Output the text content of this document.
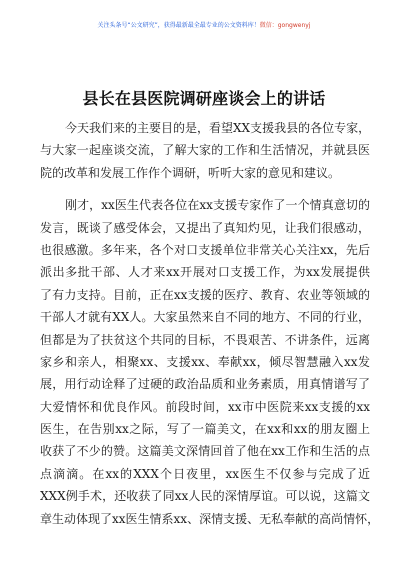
关注头条号“公文研究”，获得最新最全最专业的公文资料库！微信：gongwenyj
县长在县医院调研座谈会上的讲话
今天我们来的主要目的是，看望XX支援我县的各位专家，
与大家一起座谈交流，了解大家的工作和生活情况，并就县医
院的改革和发展工作作个调研，听听大家的意见和建议。
刚才，xx医生代表各位在xx支援专家作了一个情真意切的
发言，既谈了感受体会，又提出了真知灼见，让我们很感动，
也很感激。多年来，各个对口支援单位非常关心关注xx，先后
派出多批干部、人才来xx开展对口支援工作，为xx发展提供
了有力支持。目前，正在xx支援的医疗、教育、农业等领域的
干部人才就有XX人。大家虽然来自不同的地方、不同的行业，
但都是为了扶贫这个共同的目标，不畏艰苦、不讲条件，远离
家乡和亲人，相聚xx、支援xx、奉献xx，倾尽智慧融入xx发
展，用行动诠释了过硬的政治品质和业务素质，用真情谱写了
大爱情怀和优良作风。前段时间，xx市中医院来xx支援的xx
医生，在告别xx之际，写了一篇美文，在xx和xx的朋友圈上
收获了不少的赞。这篇美文深情回首了他在xx工作和生活的点
点滴滴。在xx的XXX个日夜里，xx医生不仅参与完成了近
XXX例手术，还收获了同xx人民的深情厚谊。可以说，这篇文
章生动体现了xx医生情系xx、深情支援、无私奉献的高尚情怀，
